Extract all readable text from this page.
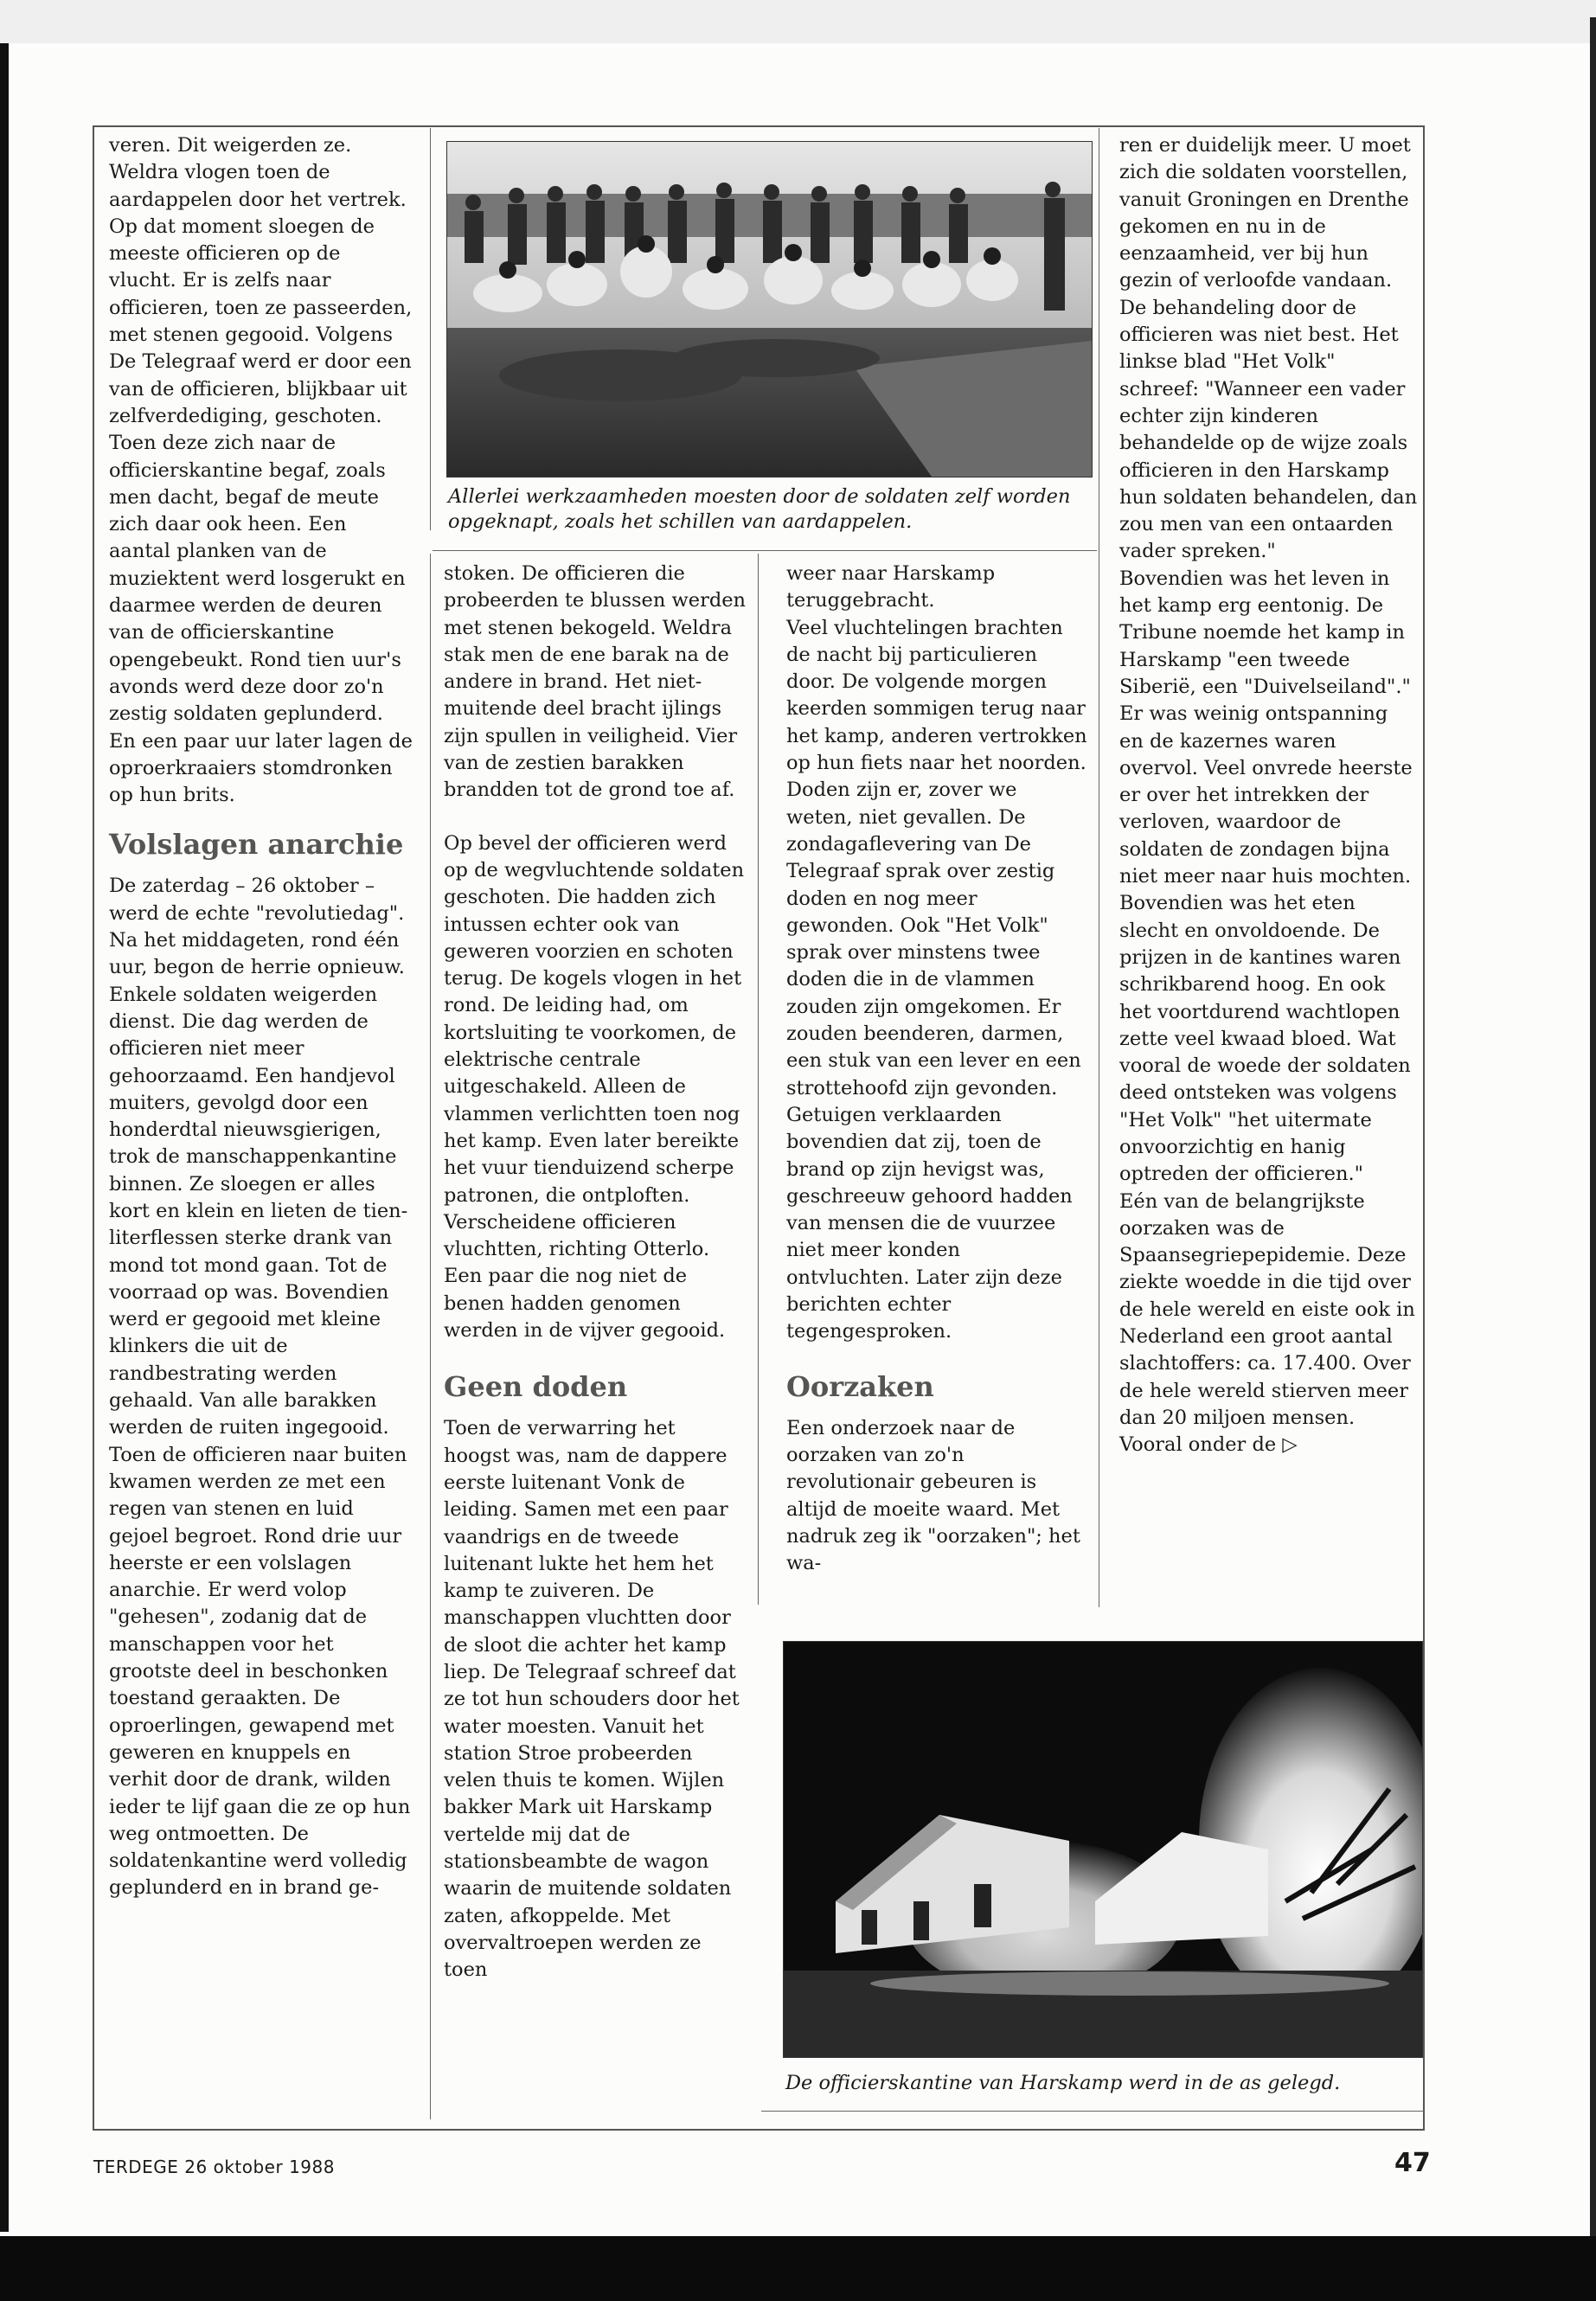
Allerlei werkzaamheden moesten door de soldaten zelf worden opgeknapt, zoals het schillen van aardappelen.
De officierskantine van Harskamp werd in de as gelegd.

veren. Dit weigerden ze. Weldra vlogen toen de aardappelen door het vertrek. Op dat moment sloegen de meeste officieren op de vlucht. Er is zelfs naar officieren, toen ze passeerden, met stenen gegooid. Volgens De Telegraaf werd er door een van de officieren, blijkbaar uit zelfverdediging, geschoten. Toen deze zich naar de officierskantine begaf, zoals men dacht, begaf de meute zich daar ook heen. Een aantal planken van de muziektent werd losgerukt en daarmee werden de deuren van de officierskantine opengebeukt. Rond tien uur's avonds werd deze door zo'n zestig soldaten geplunderd. En een paar uur later lagen de oproerkraaiers stomdronken op hun brits.

Volslagen anarchie

De zaterdag – 26 oktober – werd de echte "revolutiedag". Na het middageten, rond één uur, begon de herrie opnieuw. Enkele soldaten weigerden dienst. Die dag werden de officieren niet meer gehoorzaamd. Een handjevol muiters, gevolgd door een honderdtal nieuwsgierigen, trok de manschappenkantine binnen. Ze sloegen er alles kort en klein en lieten de tien-literflessen sterke drank van mond tot mond gaan. Tot de voorraad op was. Bovendien werd er gegooid met kleine klinkers die uit de randbestrating werden gehaald. Van alle barakken werden de ruiten ingegooid.

Toen de officieren naar buiten kwamen werden ze met een regen van stenen en luid gejoel begroet. Rond drie uur heerste er een volslagen anarchie. Er werd volop "gehesen", zodanig dat de manschappen voor het grootste deel in beschonken toestand geraakten. De oproerlingen, gewapend met geweren en knuppels en verhit door de drank, wilden ieder te lijf gaan die ze op hun weg ontmoetten. De soldatenkantine werd volledig geplunderd en in brand ge-

stoken. De officieren die probeerden te blussen werden met stenen bekogeld. Weldra stak men de ene barak na de andere in brand. Het niet-muitende deel bracht ijlings zijn spullen in veiligheid. Vier van de zestien barakken brandden tot de grond toe af.

Op bevel der officieren werd op de wegvluchtende soldaten geschoten. Die hadden zich intussen echter ook van geweren voorzien en schoten terug. De kogels vlogen in het rond. De leiding had, om kortsluiting te voorkomen, de elektrische centrale uitgeschakeld. Alleen de vlammen verlichtten toen nog het kamp. Even later bereikte het vuur tienduizend scherpe patronen, die ontploften. Verscheidene officieren vluchtten, richting Otterlo. Een paar die nog niet de benen hadden genomen werden in de vijver gegooid.

Geen doden

Toen de verwarring het hoogst was, nam de dappere eerste luitenant Vonk de leiding. Samen met een paar vaandrigs en de tweede luitenant lukte het hem het kamp te zuiveren. De manschappen vluchtten door de sloot die achter het kamp liep. De Telegraaf schreef dat ze tot hun schouders door het water moesten. Vanuit het station Stroe probeerden velen thuis te komen. Wijlen bakker Mark uit Harskamp vertelde mij dat de stationsbeambte de wagon waarin de muitende soldaten zaten, afkoppelde. Met overvaltroepen werden ze toen

weer naar Harskamp teruggebracht.

Veel vluchtelingen brachten de nacht bij particulieren door. De volgende morgen keerden sommigen terug naar het kamp, anderen vertrokken op hun fiets naar het noorden.

Doden zijn er, zover we weten, niet gevallen. De zondagaflevering van De Telegraaf sprak over zestig doden en nog meer gewonden. Ook "Het Volk" sprak over minstens twee doden die in de vlammen zouden zijn omgekomen. Er zouden beenderen, darmen, een stuk van een lever en een strottehoofd zijn gevonden. Getuigen verklaarden bovendien dat zij, toen de brand op zijn hevigst was, geschreeuw gehoord hadden van mensen die de vuurzee niet meer konden ontvluchten. Later zijn deze berichten echter tegengesproken.

Oorzaken

Een onderzoek naar de oorzaken van zo'n revolutionair gebeuren is altijd de moeite waard. Met nadruk zeg ik "oorzaken"; het wa-

ren er duidelijk meer. U moet zich die soldaten voorstellen, vanuit Groningen en Drenthe gekomen en nu in de eenzaamheid, ver bij hun gezin of verloofde vandaan. De behandeling door de officieren was niet best. Het linkse blad "Het Volk" schreef: "Wanneer een vader echter zijn kinderen behandelde op de wijze zoals officieren in den Harskamp hun soldaten behandelen, dan zou men van een ontaarden vader spreken."

Bovendien was het leven in het kamp erg eentonig. De Tribune noemde het kamp in Harskamp "een tweede Siberië, een "Duivelseiland"."

Er was weinig ontspanning en de kazernes waren overvol. Veel onvrede heerste er over het intrekken der verloven, waardoor de soldaten de zondagen bijna niet meer naar huis mochten. Bovendien was het eten slecht en onvoldoende. De prijzen in de kantines waren schrikbarend hoog. En ook het voortdurend wachtlopen zette veel kwaad bloed. Wat vooral de woede der soldaten deed ontsteken was volgens "Het Volk" "het uitermate onvoorzichtig en hanig optreden der officieren."

Eén van de belangrijkste oorzaken was de Spaansegriepepidemie. Deze ziekte woedde in die tijd over de hele wereld en eiste ook in Nederland een groot aantal slachtoffers: ca. 17.400. Over de hele wereld stierven meer dan 20 miljoen mensen. Vooral onder de ▷

TERDEGE 26 oktober 1988	47
